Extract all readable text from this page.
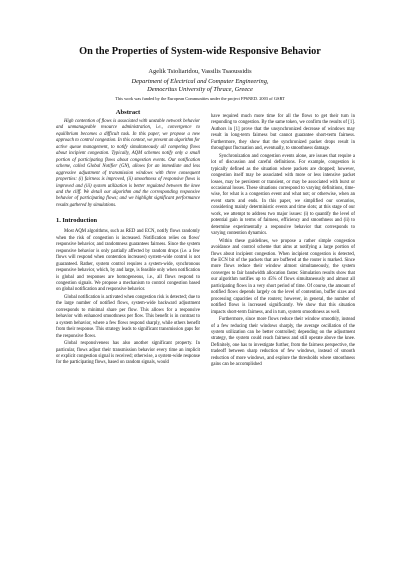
On the Properties of System-wide Responsive Behavior
Agelik Tsioliaridou, Vassilis Tsaoussidis
Department of Electrical and Computer Engineering,
Democritus University of Thrace, Greece
This work was funded by the European Communities under the project FP6NED. 2003 of GSRT
Abstract

High contention of flows is associated with unstable network behavior and unmanageable resource administration, i.e., convergence to equilibrium becomes a difficult task. In this paper, we propose a new approach to control congestion. In this context, we present an algorithm for active queue management, to notify simultaneously all competing flows about incipient congestion. Typically, AQM schemes notify only a small portion of participating flows about congestion events. Our notification scheme, called Global Notifier (GN), allows for an immediate and less aggressive adjustment of transmission windows with three consequent properties: (i) fairness is improved, (ii) smoothness of responsive flows is improved and (iii) system utilization is better regulated between the knee and the cliff. We detail our algorithm and the corresponding responsive behavior of participating flows; and we highlight significant performance results gathered by simulations.

1. Introduction

Most AQM algorithms, such as RED and ECN, notify flows randomly when the risk of congestion is increased. Notification relies on flows' responsive behavior, and randomness guarantees fairness. Since the system responsive behavior is only partially affected by random drops (i.e. a few flows will respond when contention increases) system-wide control is not guaranteed. Rather, system control requires a system-wide, synchronous responsive behavior, which, by and large, is feasible only when notification is global and responses are homogeneous, i.e., all flows respond to congestion signals. We propose a mechanism to control congestion based on global notification and responsive behavior.

Global notification is activated when congestion risk is detected; due to the large number of notified flows, system-wide backward adjustment corresponds to minimal share per flow. This allows for a responsive behavior with enhanced smoothness per flow. This benefit is in contrast to a system behavior, where a few flows respond sharply, while others benefit from their response. This strategy leads to significant transmission gaps for the responsive flows.

Global responsiveness has also another significant property. In particular, flows adjust their transmission behavior every time an implicit or explicit congestion signal is received; otherwise, a system-wide response for the participating flows, based on random signals, would

have required much more time for all the flows to get their turn in responding to congestion. By the same token, we confirm the results of [1]. Authors in [1] prove that the unsynchronized decrease of windows may result in long-term fairness but cannot guarantee short-term fairness. Furthermore, they show that the synchronized packet drops result in throughput fluctuation and, eventually, to smoothness damage.

Synchronization and congestion events alone, are issues that require a lot of discussion and careful definitions. For example, congestion is typically defined as the situation where packets are dropped; however, congestion itself may be associated with more or less intensive packet losses, may be persistent or transient, or may be associated with burst or occasional losses. These situations correspond to varying definitions, time-wise, for what is a congestion event and what not; or otherwise, when an event starts and ends. In this paper, we simplified our scenarios, considering mainly deterministic events and time slots; at this stage of our work, we attempt to address two major issues: (i) to quantify the level of potential gain in terms of fairness, efficiency and smoothness and (ii) to determine experimentally a responsive behavior that corresponds to varying contention dynamics.

Within these guidelines, we propose a rather simple congestion avoidance and control scheme that aims at notifying a large portion of flows about incipient congestion. When incipient congestion is detected, the ECN bit of the packets that are buffered at the router is marked. Since more flows reduce their window almost simultaneously, the system converges to fair bandwidth allocation faster. Simulation results show that our algorithm notifies up to 45% of flows simultaneously and almost all participating flows in a very short period of time. Of course, the amount of notified flows depends largely on the level of contention, buffer sizes and processing capacities of the routers; however, in general, the number of notified flows is increased significantly. We show that this situation impacts short-term fairness, and in turn, system smoothness as well.

Furthermore, since more flows reduce their window smoothly, instead of a few reducing their windows sharply, the average oscillation of the system utilization can be better controlled; depending on the adjustment strategy, the system could reach fairness and still operate above the knee. Definitely, one has to investigate further, from the fairness perspective, the tradeoff between sharp reduction of few windows, instead of smooth reduction of more windows, and explore the thresholds where smoothness gains can be accomplished
